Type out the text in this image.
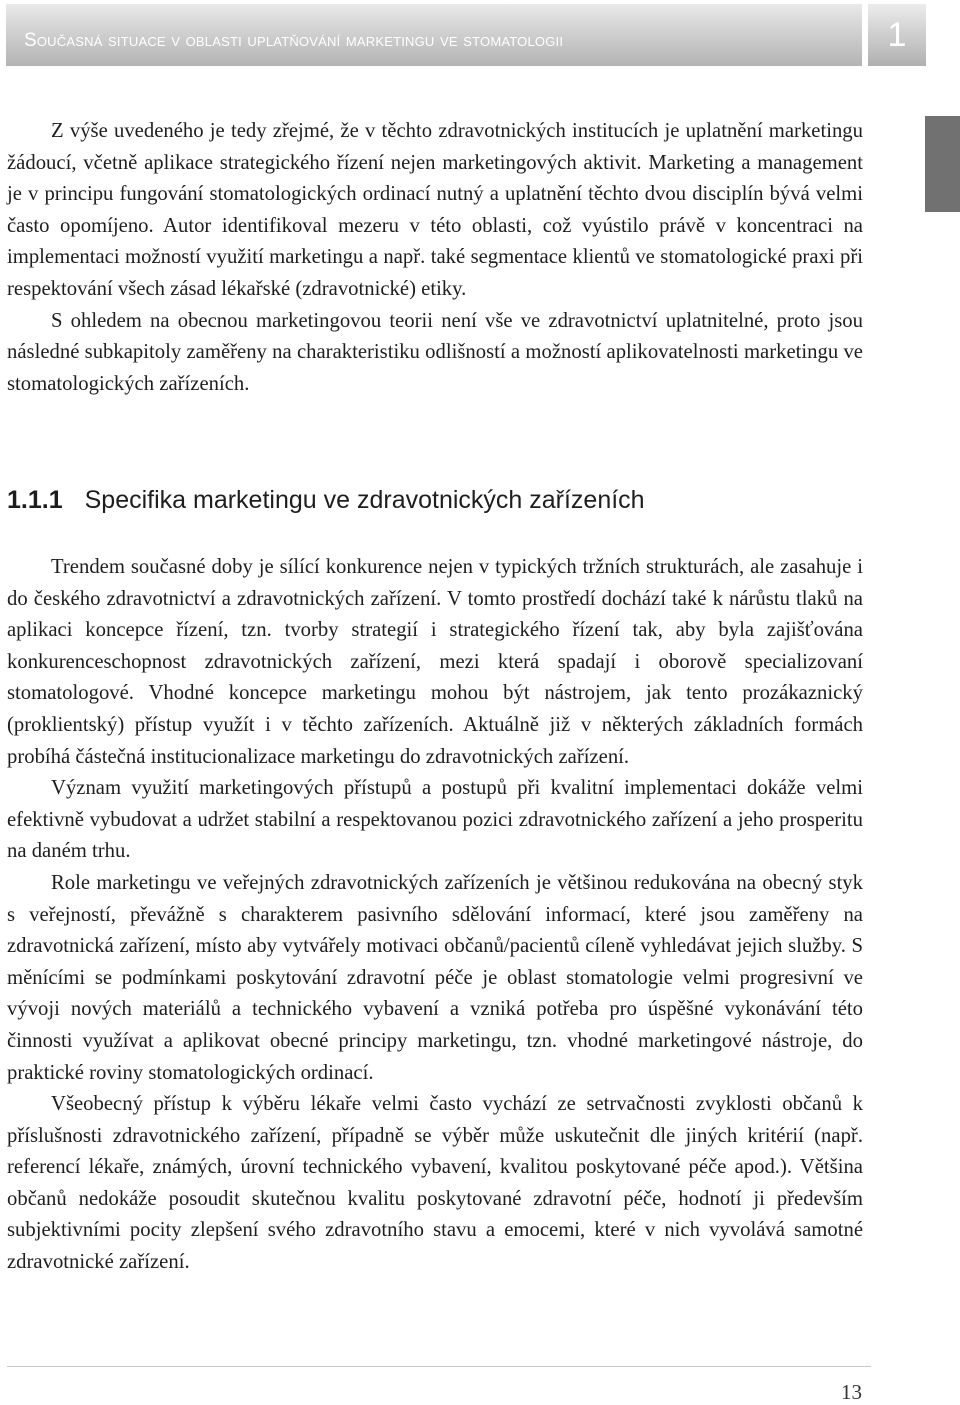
Současná situace v oblasti uplatňování marketingu ve stomatologii	1

Z výše uvedeného je tedy zřejmé, že v těchto zdravotnických institucích je uplatnění marketingu žádoucí, včetně aplikace strategického řízení nejen marketingových aktivit. Marketing a management je v principu fungování stomatologických ordinací nutný a uplatnění těchto dvou disciplín bývá velmi často opomíjeno. Autor identifikoval mezeru v této oblasti, což vyústilo právě v koncentraci na implementaci možností využití marketingu a např. také segmentace klientů ve stomatologické praxi při respektování všech zásad lékařské (zdravotnické) etiky.

S ohledem na obecnou marketingovou teorii není vše ve zdravotnictví uplatnitelné, proto jsou následné subkapitoly zaměřeny na charakteristiku odlišností a možností aplikovatelnosti marketingu ve stomatologických zařízeních.

1.1.1 Specifika marketingu ve zdravotnických zařízeních

Trendem současné doby je sílící konkurence nejen v typických tržních strukturách, ale zasahuje i do českého zdravotnictví a zdravotnických zařízení. V tomto prostředí dochází také k nárůstu tlaků na aplikaci koncepce řízení, tzn. tvorby strategií i strategického řízení tak, aby byla zajišťována konkurenceschopnost zdravotnických zařízení, mezi která spadají i oborově specializovaní stomatologové. Vhodné koncepce marketingu mohou být nástrojem, jak tento prozákaznický (proklientský) přístup využít i v těchto zařízeních. Aktuálně již v některých základních formách probíhá částečná institucionalizace marketingu do zdravotnických zařízení.

Význam využití marketingových přístupů a postupů při kvalitní implementaci dokáže velmi efektivně vybudovat a udržet stabilní a respektovanou pozici zdravotnického zařízení a jeho prosperitu na daném trhu.

Role marketingu ve veřejných zdravotnických zařízeních je většinou redukována na obecný styk s veřejností, převážně s charakterem pasivního sdělování informací, které jsou zaměřeny na zdravotnická zařízení, místo aby vytvářely motivaci občanů/pacientů cíleně vyhledávat jejich služby. S měnícími se podmínkami poskytování zdravotní péče je oblast stomatologie velmi progresivní ve vývoji nových materiálů a technického vybavení a vzniká potřeba pro úspěšné vykonávání této činnosti využívat a aplikovat obecné principy marketingu, tzn. vhodné marketingové nástroje, do praktické roviny stomatologických ordinací.

Všeobecný přístup k výběru lékaře velmi často vychází ze setrvačnosti zvyklosti občanů k příslušnosti zdravotnického zařízení, případně se výběr může uskutečnit dle jiných kritérií (např. referencí lékaře, známých, úrovní technického vybavení, kvalitou poskytované péče apod.). Většina občanů nedokáže posoudit skutečnou kvalitu poskytované zdravotní péče, hodnotí ji především subjektivními pocity zlepšení svého zdravotního stavu a emocemi, které v nich vyvolává samotné zdravotnické zařízení.

13
